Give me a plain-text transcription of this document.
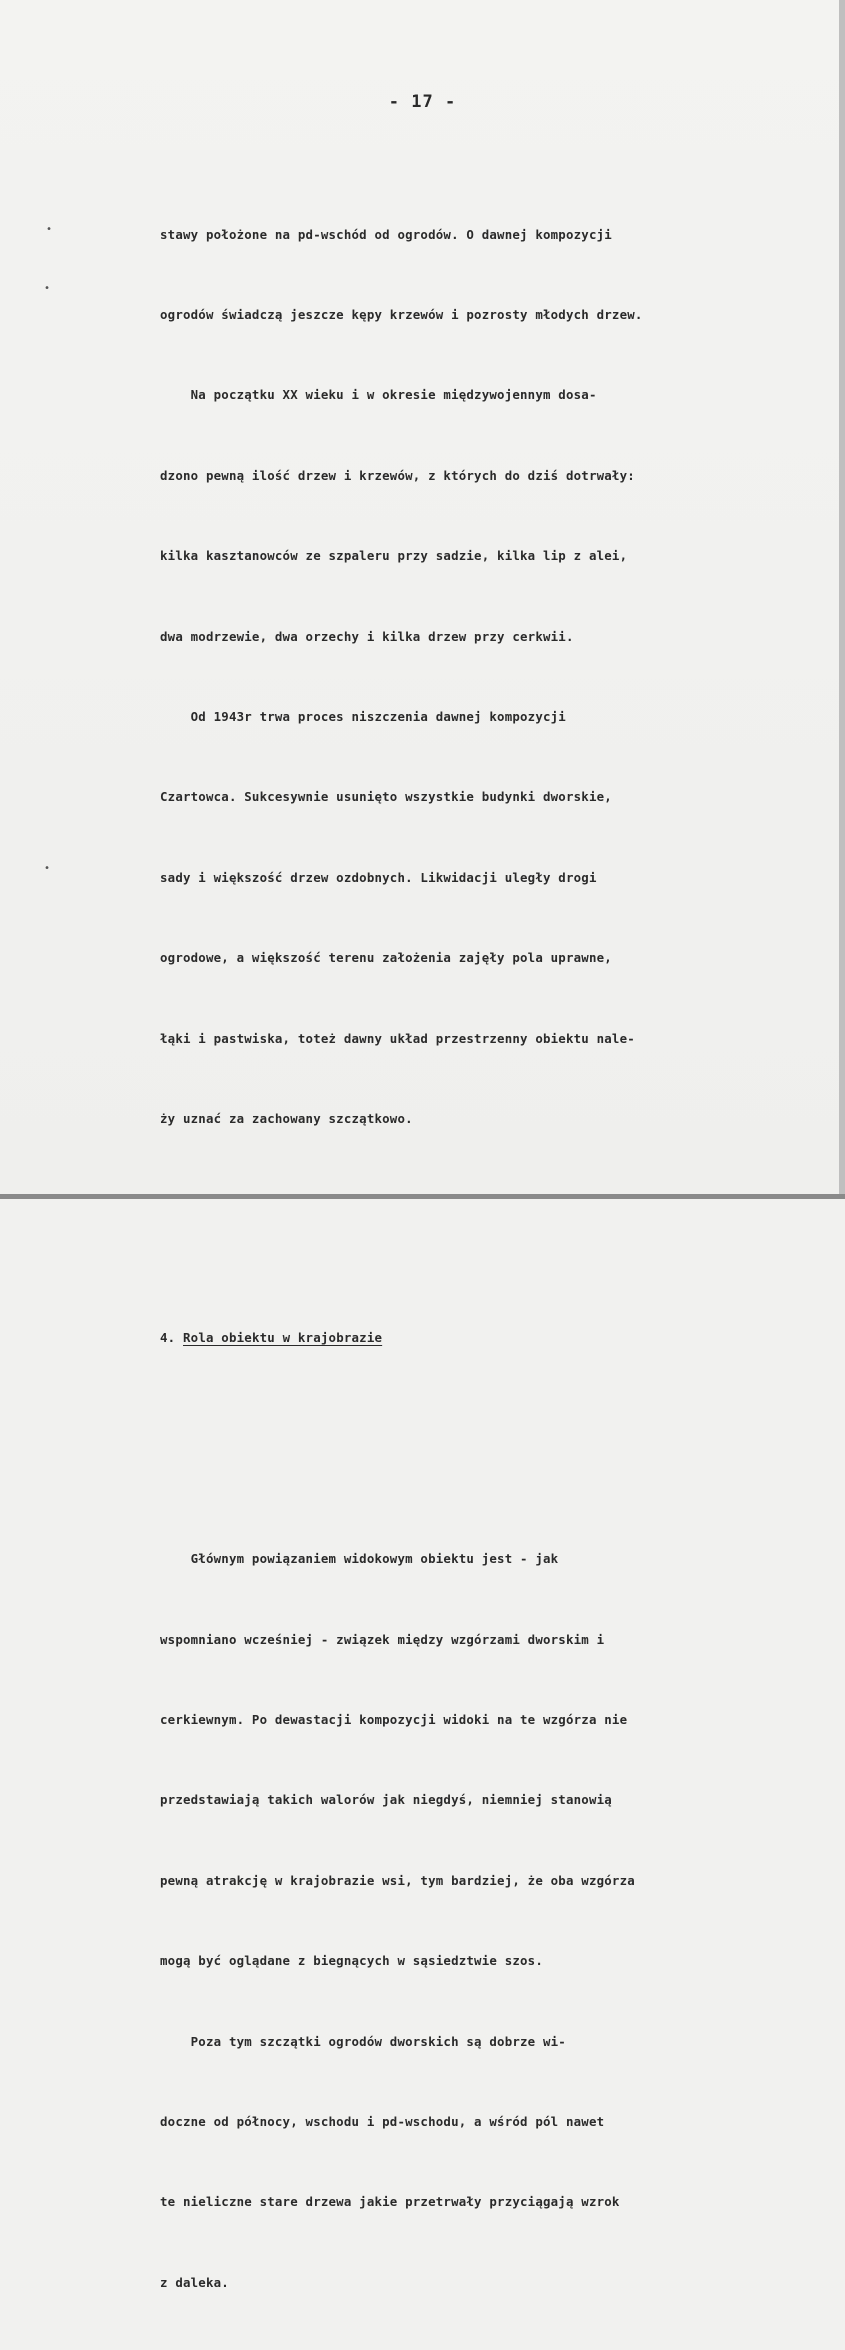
- 17 -
•
•
•

stawy położone na pd-wschód od ogrodów. O dawnej kompozycji

ogrodów świadczą jeszcze kępy krzewów i pozrosty młodych drzew.

Na początku XX wieku i w okresie międzywojennym dosa-

dzono pewną ilość drzew i krzewów, z których do dziś dotrwały:

kilka kasztanowców ze szpaleru przy sadzie, kilka lip z alei,

dwa modrzewie, dwa orzechy i kilka drzew przy cerkwii.

Od 1943r trwa proces niszczenia dawnej kompozycji

Czartowca. Sukcesywnie usunięto wszystkie budynki dworskie,

sady i większość drzew ozdobnych. Likwidacji uległy drogi

ogrodowe, a większość terenu założenia zajęły pola uprawne,

łąki i pastwiska, toteż dawny układ przestrzenny obiektu nale-

ży uznać za zachowany szczątkowo.

4. Rola obiektu w krajobrazie

Głównym powiązaniem widokowym obiektu jest - jak

wspomniano wcześniej - związek między wzgórzami dworskim i

cerkiewnym. Po dewastacji kompozycji widoki na te wzgórza nie

przedstawiają takich walorów jak niegdyś, niemniej stanowią

pewną atrakcję w krajobrazie wsi, tym bardziej, że oba wzgórza

mogą być oglądane z biegnących w sąsiedztwie szos.

Poza tym szczątki ogrodów dworskich są dobrze wi-

doczne od północy, wschodu i pd-wschodu, a wśród pól nawet

te nieliczne stare drzewa jakie przetrwały przyciągają wzrok

z daleka.
